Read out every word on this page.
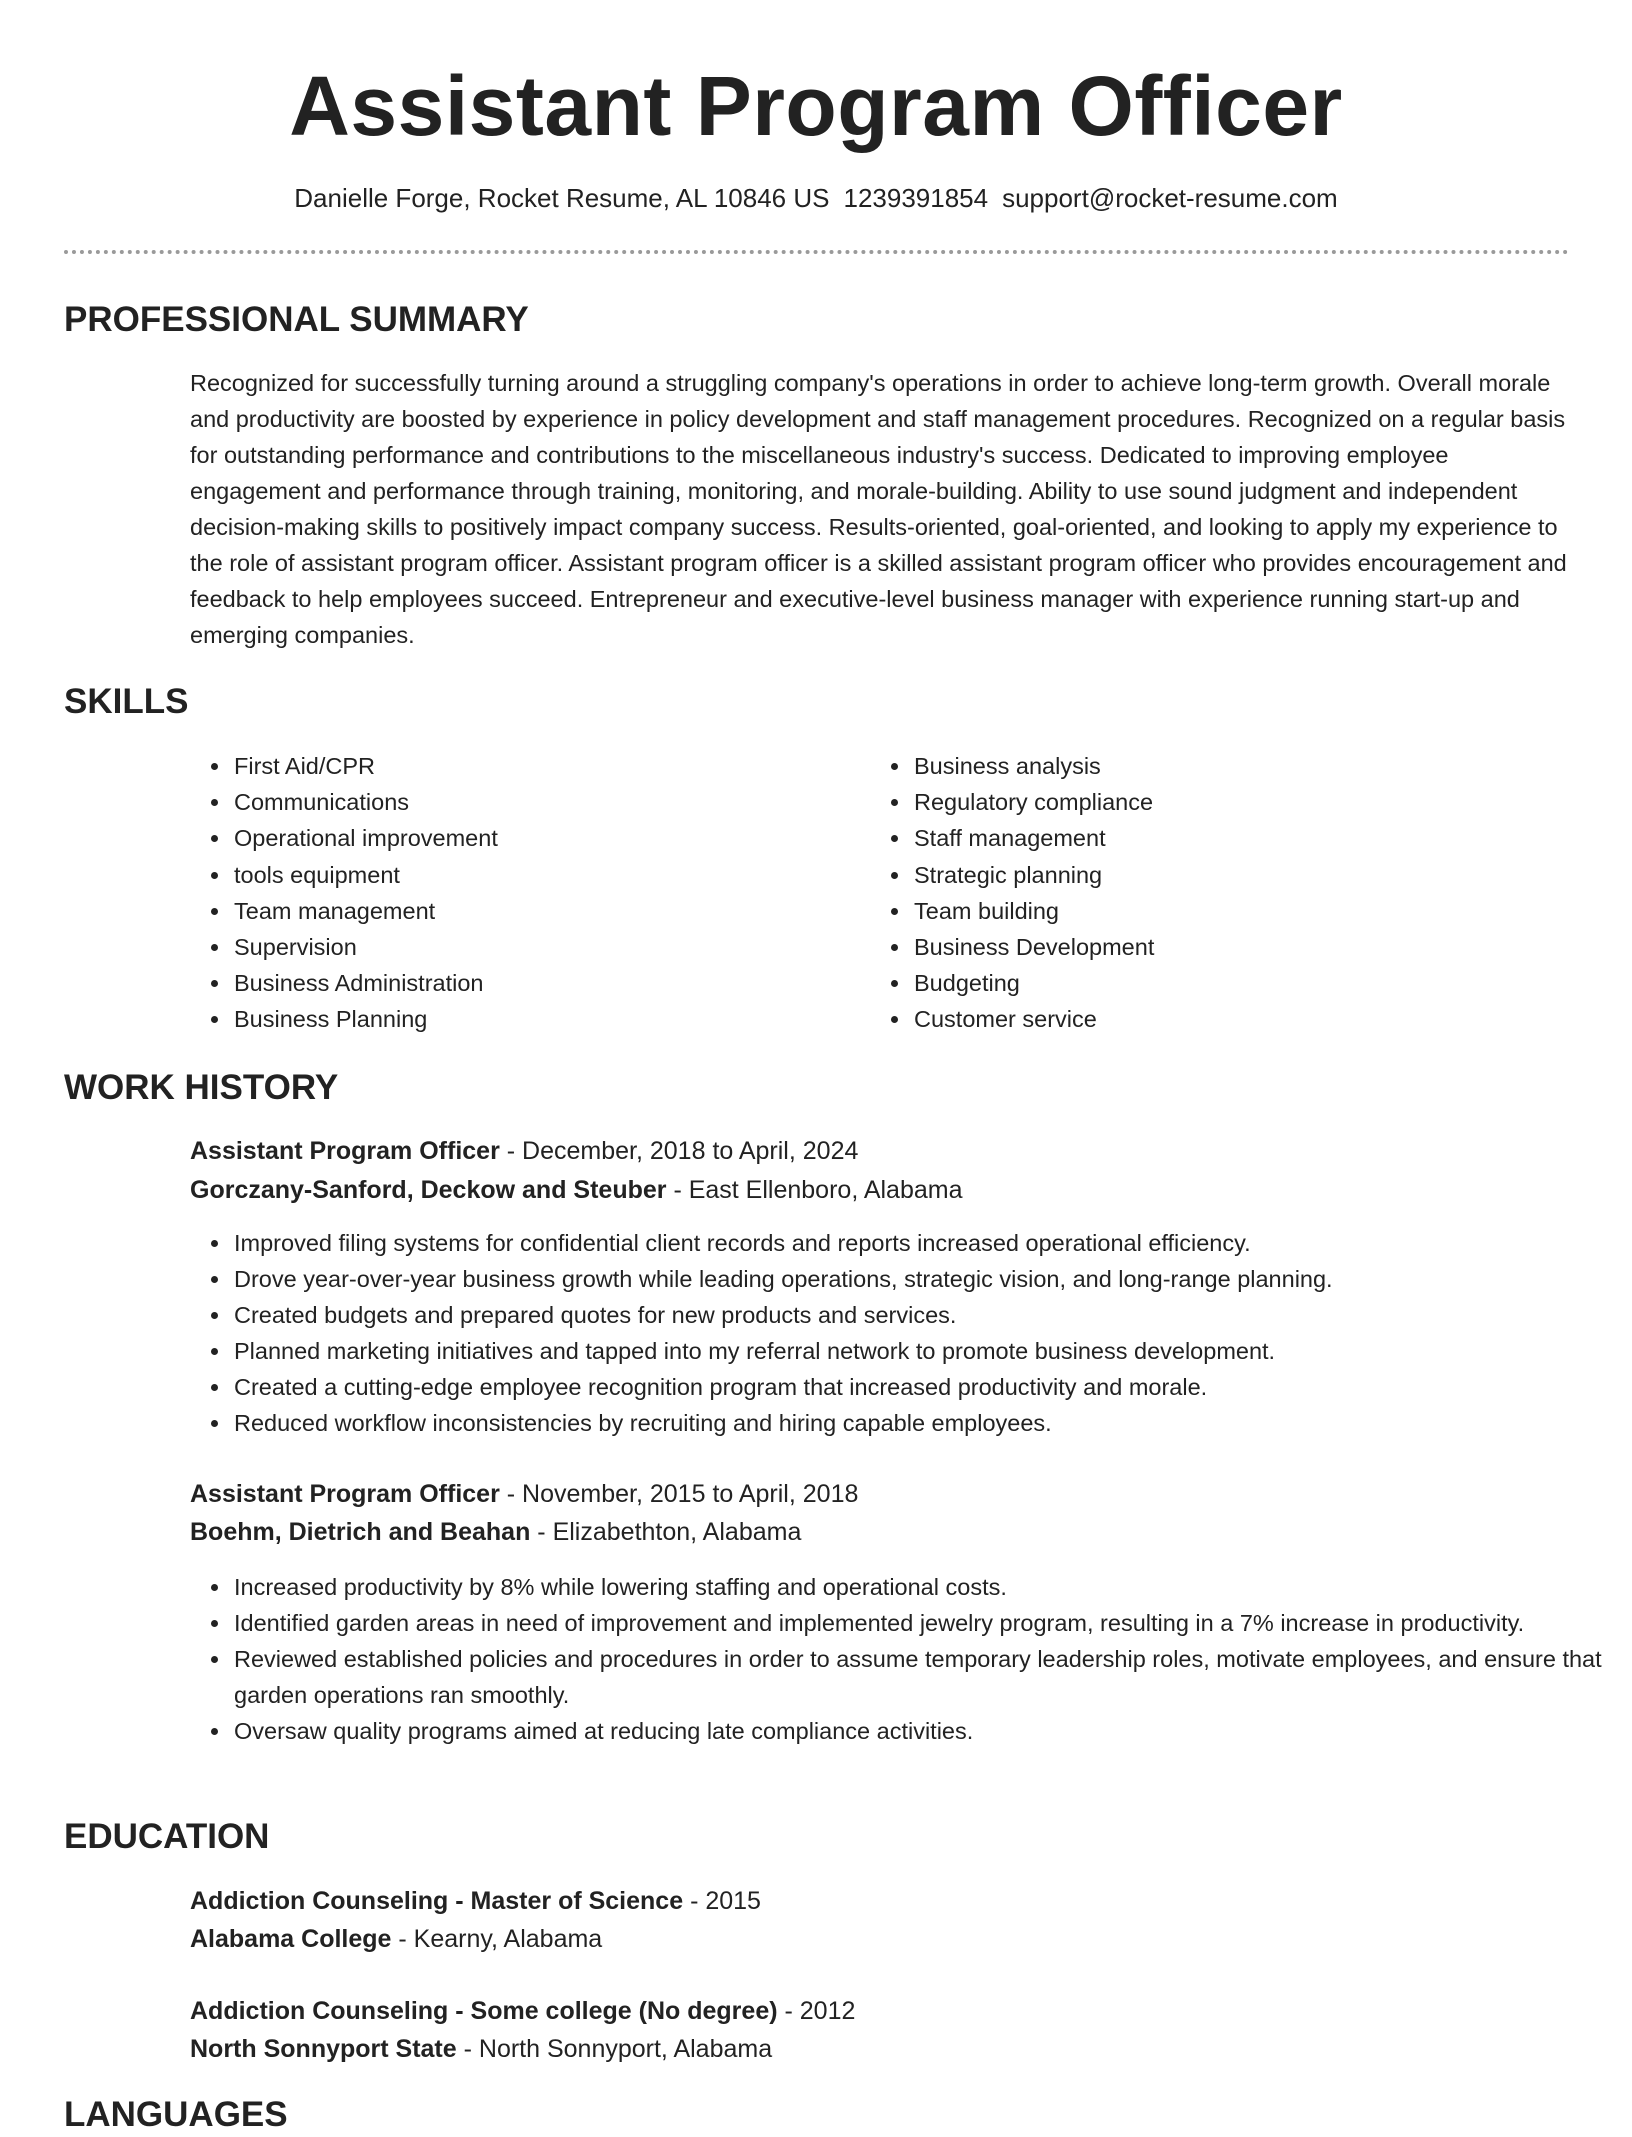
Assistant Program Officer
Danielle Forge, Rocket Resume, AL 10846 US 1239391854 support@rocket-resume.com
PROFESSIONAL SUMMARY
Recognized for successfully turning around a struggling company's operations in order to achieve long-term growth. Overall morale and productivity are boosted by experience in policy development and staff management procedures. Recognized on a regular basis for outstanding performance and contributions to the miscellaneous industry's success. Dedicated to improving employee engagement and performance through training, monitoring, and morale-building. Ability to use sound judgment and independent decision-making skills to positively impact company success. Results-oriented, goal-oriented, and looking to apply my experience to the role of assistant program officer. Assistant program officer is a skilled assistant program officer who provides encouragement and feedback to help employees succeed. Entrepreneur and executive-level business manager with experience running start-up and emerging companies.
SKILLS
• First Aid/CPR
• Communications
• Operational improvement
• tools equipment
• Team management
• Supervision
• Business Administration
• Business Planning
• Business analysis
• Regulatory compliance
• Staff management
• Strategic planning
• Team building
• Business Development
• Budgeting
• Customer service
WORK HISTORY
Assistant Program Officer - December, 2018 to April, 2024
Gorczany-Sanford, Deckow and Steuber - East Ellenboro, Alabama
• Improved filing systems for confidential client records and reports increased operational efficiency.
• Drove year-over-year business growth while leading operations, strategic vision, and long-range planning.
• Created budgets and prepared quotes for new products and services.
• Planned marketing initiatives and tapped into my referral network to promote business development.
• Created a cutting-edge employee recognition program that increased productivity and morale.
• Reduced workflow inconsistencies by recruiting and hiring capable employees.
Assistant Program Officer - November, 2015 to April, 2018
Boehm, Dietrich and Beahan - Elizabethton, Alabama
• Increased productivity by 8% while lowering staffing and operational costs.
• Identified garden areas in need of improvement and implemented jewelry program, resulting in a 7% increase in productivity.
• Reviewed established policies and procedures in order to assume temporary leadership roles, motivate employees, and ensure that garden operations ran smoothly.
• Oversaw quality programs aimed at reducing late compliance activities.
EDUCATION
Addiction Counseling - Master of Science - 2015
Alabama College - Kearny, Alabama
Addiction Counseling - Some college (No degree) - 2012
North Sonnyport State - North Sonnyport, Alabama
LANGUAGES
